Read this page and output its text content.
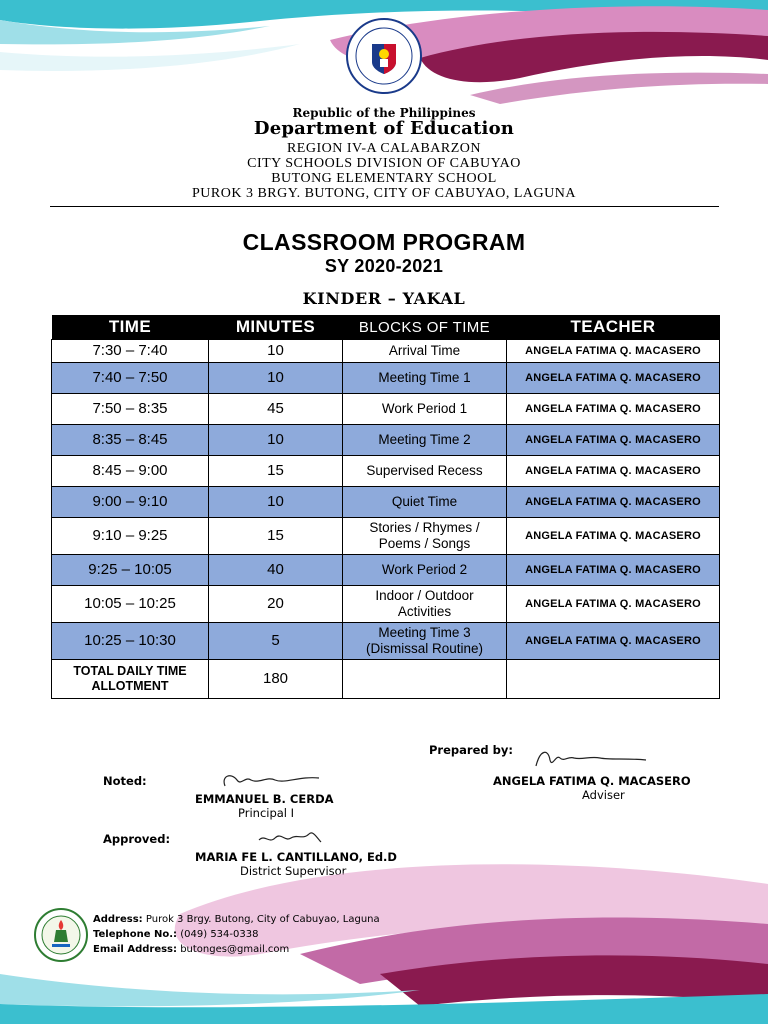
Republic of the Philippines
Department of Education
REGION IV-A CALABARZON
CITY SCHOOLS DIVISION OF CABUYAO
BUTONG ELEMENTARY SCHOOL
PUROK 3 BRGY. BUTONG, CITY OF CABUYAO, LAGUNA
CLASSROOM PROGRAM
SY 2020-2021
KINDER – YAKAL
TIME	MINUTES	BLOCKS OF TIME	TEACHER
7:30 – 7:40	10	Arrival Time	ANGELA FATIMA Q. MACASERO
7:40 – 7:50	10	Meeting Time 1	ANGELA FATIMA Q. MACASERO
7:50 – 8:35	45	Work Period 1	ANGELA FATIMA Q. MACASERO
8:35 – 8:45	10	Meeting Time 2	ANGELA FATIMA Q. MACASERO
8:45 – 9:00	15	Supervised Recess	ANGELA FATIMA Q. MACASERO
9:00 – 9:10	10	Quiet Time	ANGELA FATIMA Q. MACASERO
9:10 – 9:25	15	Stories / Rhymes /
Poems / Songs	ANGELA FATIMA Q. MACASERO
9:25 – 10:05	40	Work Period 2	ANGELA FATIMA Q. MACASERO
10:05 – 10:25	20	Indoor / Outdoor
Activities	ANGELA FATIMA Q. MACASERO
10:25 – 10:30	5	Meeting Time 3
(Dismissal Routine)	ANGELA FATIMA Q. MACASERO
TOTAL DAILY TIME
ALLOTMENT	180		
Prepared by:
ANGELA FATIMA Q. MACASERO
Adviser
Noted:
EMMANUEL B. CERDA
Principal I
Approved:
MARIA FE L. CANTILLANO, Ed.D
District Supervisor
Address: Purok 3 Brgy. Butong, City of Cabuyao, Laguna
Telephone No.: (049) 534-0338
Email Address: butonges@gmail.com
